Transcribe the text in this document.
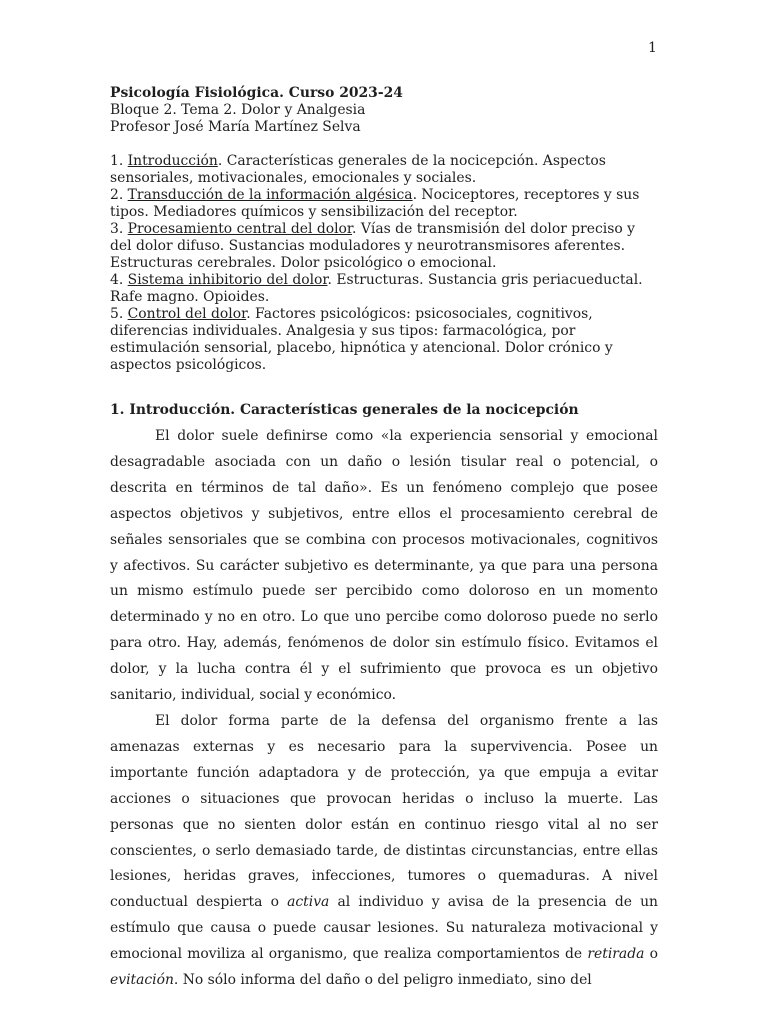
1
Psicología Fisiológica. Curso 2023-24
Bloque 2. Tema 2. Dolor y Analgesia
Profesor José María Martínez Selva

1. Introducción. Características generales de la nocicepción. Aspectos sensoriales, motivacionales, emocionales y sociales.

2. Transducción de la información algésica. Nociceptores, receptores y sus tipos. Mediadores químicos y sensibilización del receptor.

3. Procesamiento central del dolor. Vías de transmisión del dolor preciso y del dolor difuso. Sustancias moduladores y neurotransmisores aferentes. Estructuras cerebrales. Dolor psicológico o emocional.

4. Sistema inhibitorio del dolor. Estructuras. Sustancia gris periacueductal. Rafe magno. Opioides.

5. Control del dolor. Factores psicológicos: psicosociales, cognitivos, diferencias individuales. Analgesia y sus tipos: farmacológica, por estimulación sensorial, placebo, hipnótica y atencional. Dolor crónico y aspectos psicológicos.

1. Introducción. Características generales de la nocicepción

El dolor suele definirse como «la experiencia sensorial y emocional desagradable asociada con un daño o lesión tisular real o potencial, o descrita en términos de tal daño». Es un fenómeno complejo que posee aspectos objetivos y subjetivos, entre ellos el procesamiento cerebral de señales sensoriales que se combina con procesos motivacionales, cognitivos y afectivos. Su carácter subjetivo es determinante, ya que para una persona un mismo estímulo puede ser percibido como doloroso en un momento determinado y no en otro. Lo que uno percibe como doloroso puede no serlo para otro. Hay, además, fenómenos de dolor sin estímulo físico. Evitamos el dolor, y la lucha contra él y el sufrimiento que provoca es un objetivo sanitario, individual, social y económico.

El dolor forma parte de la defensa del organismo frente a las amenazas externas y es necesario para la supervivencia. Posee un importante función adaptadora y de protección, ya que empuja a evitar acciones o situaciones que provocan heridas o incluso la muerte. Las personas que no sienten dolor están en continuo riesgo vital al no ser conscientes, o serlo demasiado tarde, de distintas circunstancias, entre ellas lesiones, heridas graves, infecciones, tumores o quemaduras. A nivel conductual despierta o activa al individuo y avisa de la presencia de un estímulo que causa o puede causar lesiones. Su naturaleza motivacional y emocional moviliza al organismo, que realiza comportamientos de retirada o evitación. No sólo informa del daño o del peligro inmediato, sino del
